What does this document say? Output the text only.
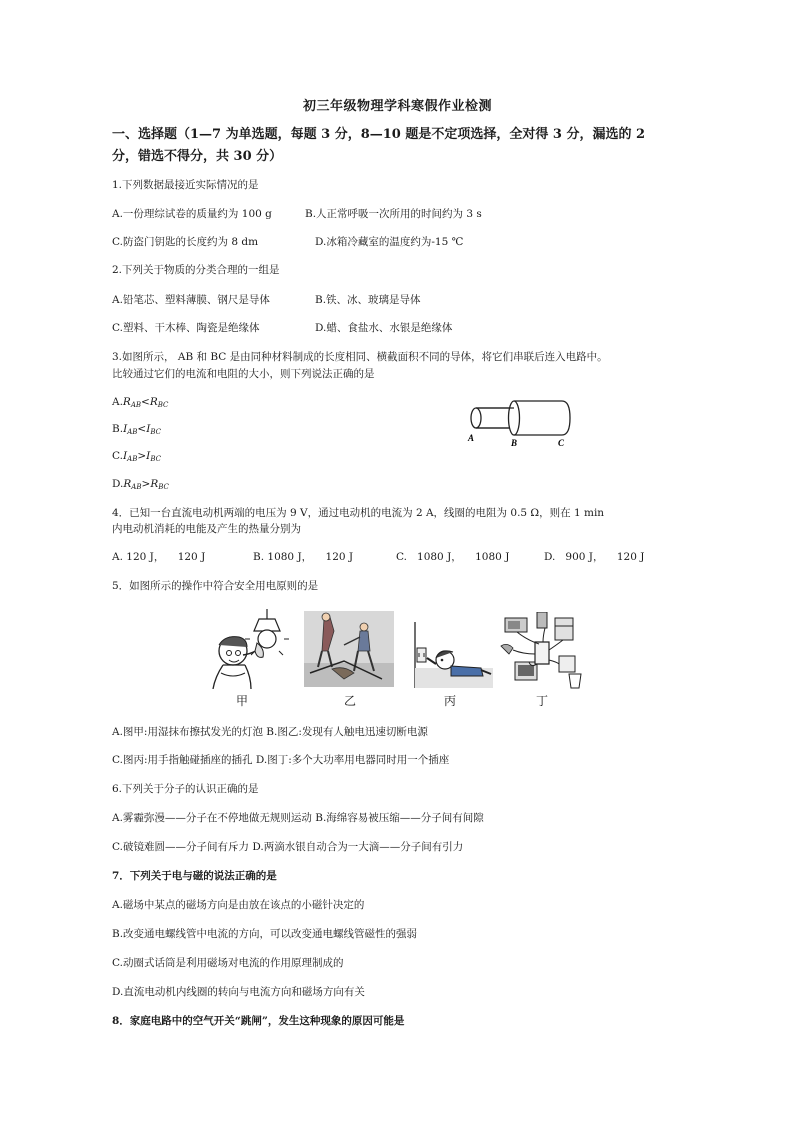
初三年级物理学科寒假作业检测
一、选择题（1—7 为单选题，每题 3 分，8—10 题是不定项选择，全对得 3 分，漏选的 2
分，错选不得分，共 30 分）
1.下列数据最接近实际情况的是
A.一份理综试卷的质量约为 100 g	B.人正常呼吸一次所用的时间约为 3 s
C.防盗门钥匙的长度约为 8 dm	D.冰箱冷藏室的温度约为-15 ℃
2.下列关于物质的分类合理的一组是
A.铅笔芯、塑料薄膜、钢尺是导体	B.铁、冰、玻璃是导体
C.塑料、干木棒、陶瓷是绝缘体	D.蜡、食盐水、水银是绝缘体
3.如图所示， AB 和 BC 是由同种材料制成的长度相同、横截面积不同的导体，将它们串联后连入电路中。
比较通过它们的电流和电阻的大小，则下列说法正确的是
$A.R_{AB}<R_{BC}$
$B.I_{AB}<I_{BC}$
$C.I_{AB}>I_{BC}$
$D.R_{AB}>R_{BC}$
A	B	C
4．已知一台直流电动机两端的电压为 9 V，通过电动机的电流为 2 A，线圈的电阻为 0.5 Ω，则在 1 min
内电动机消耗的电能及产生的热量分别为
A. 120 J，    120 J	B. 1080 J，    120 J	C.   1080 J，    1080 J	D.   900 J，    120 J
5．如图所示的操作中符合安全用电原则的是
甲	乙	丙	丁
A.图甲:用湿抹布擦拭发光的灯泡 B.图乙:发现有人触电迅速切断电源
C.图丙:用手指触碰插座的插孔 D.图丁:多个大功率用电器同时用一个插座
6.下列关于分子的认识正确的是
A.雾霾弥漫——分子在不停地做无规则运动 B.海绵容易被压缩——分子间有间隙
C.破镜难圆——分子间有斥力 D.两滴水银自动合为一大滴——分子间有引力
7．下列关于电与磁的说法正确的是
A.磁场中某点的磁场方向是由放在该点的小磁针决定的
B.改变通电螺线管中电流的方向，可以改变通电螺线管磁性的强弱
C.动圈式话筒是利用磁场对电流的作用原理制成的
D.直流电动机内线圈的转向与电流方向和磁场方向有关
8．家庭电路中的空气开关“跳闸”，发生这种现象的原因可能是
